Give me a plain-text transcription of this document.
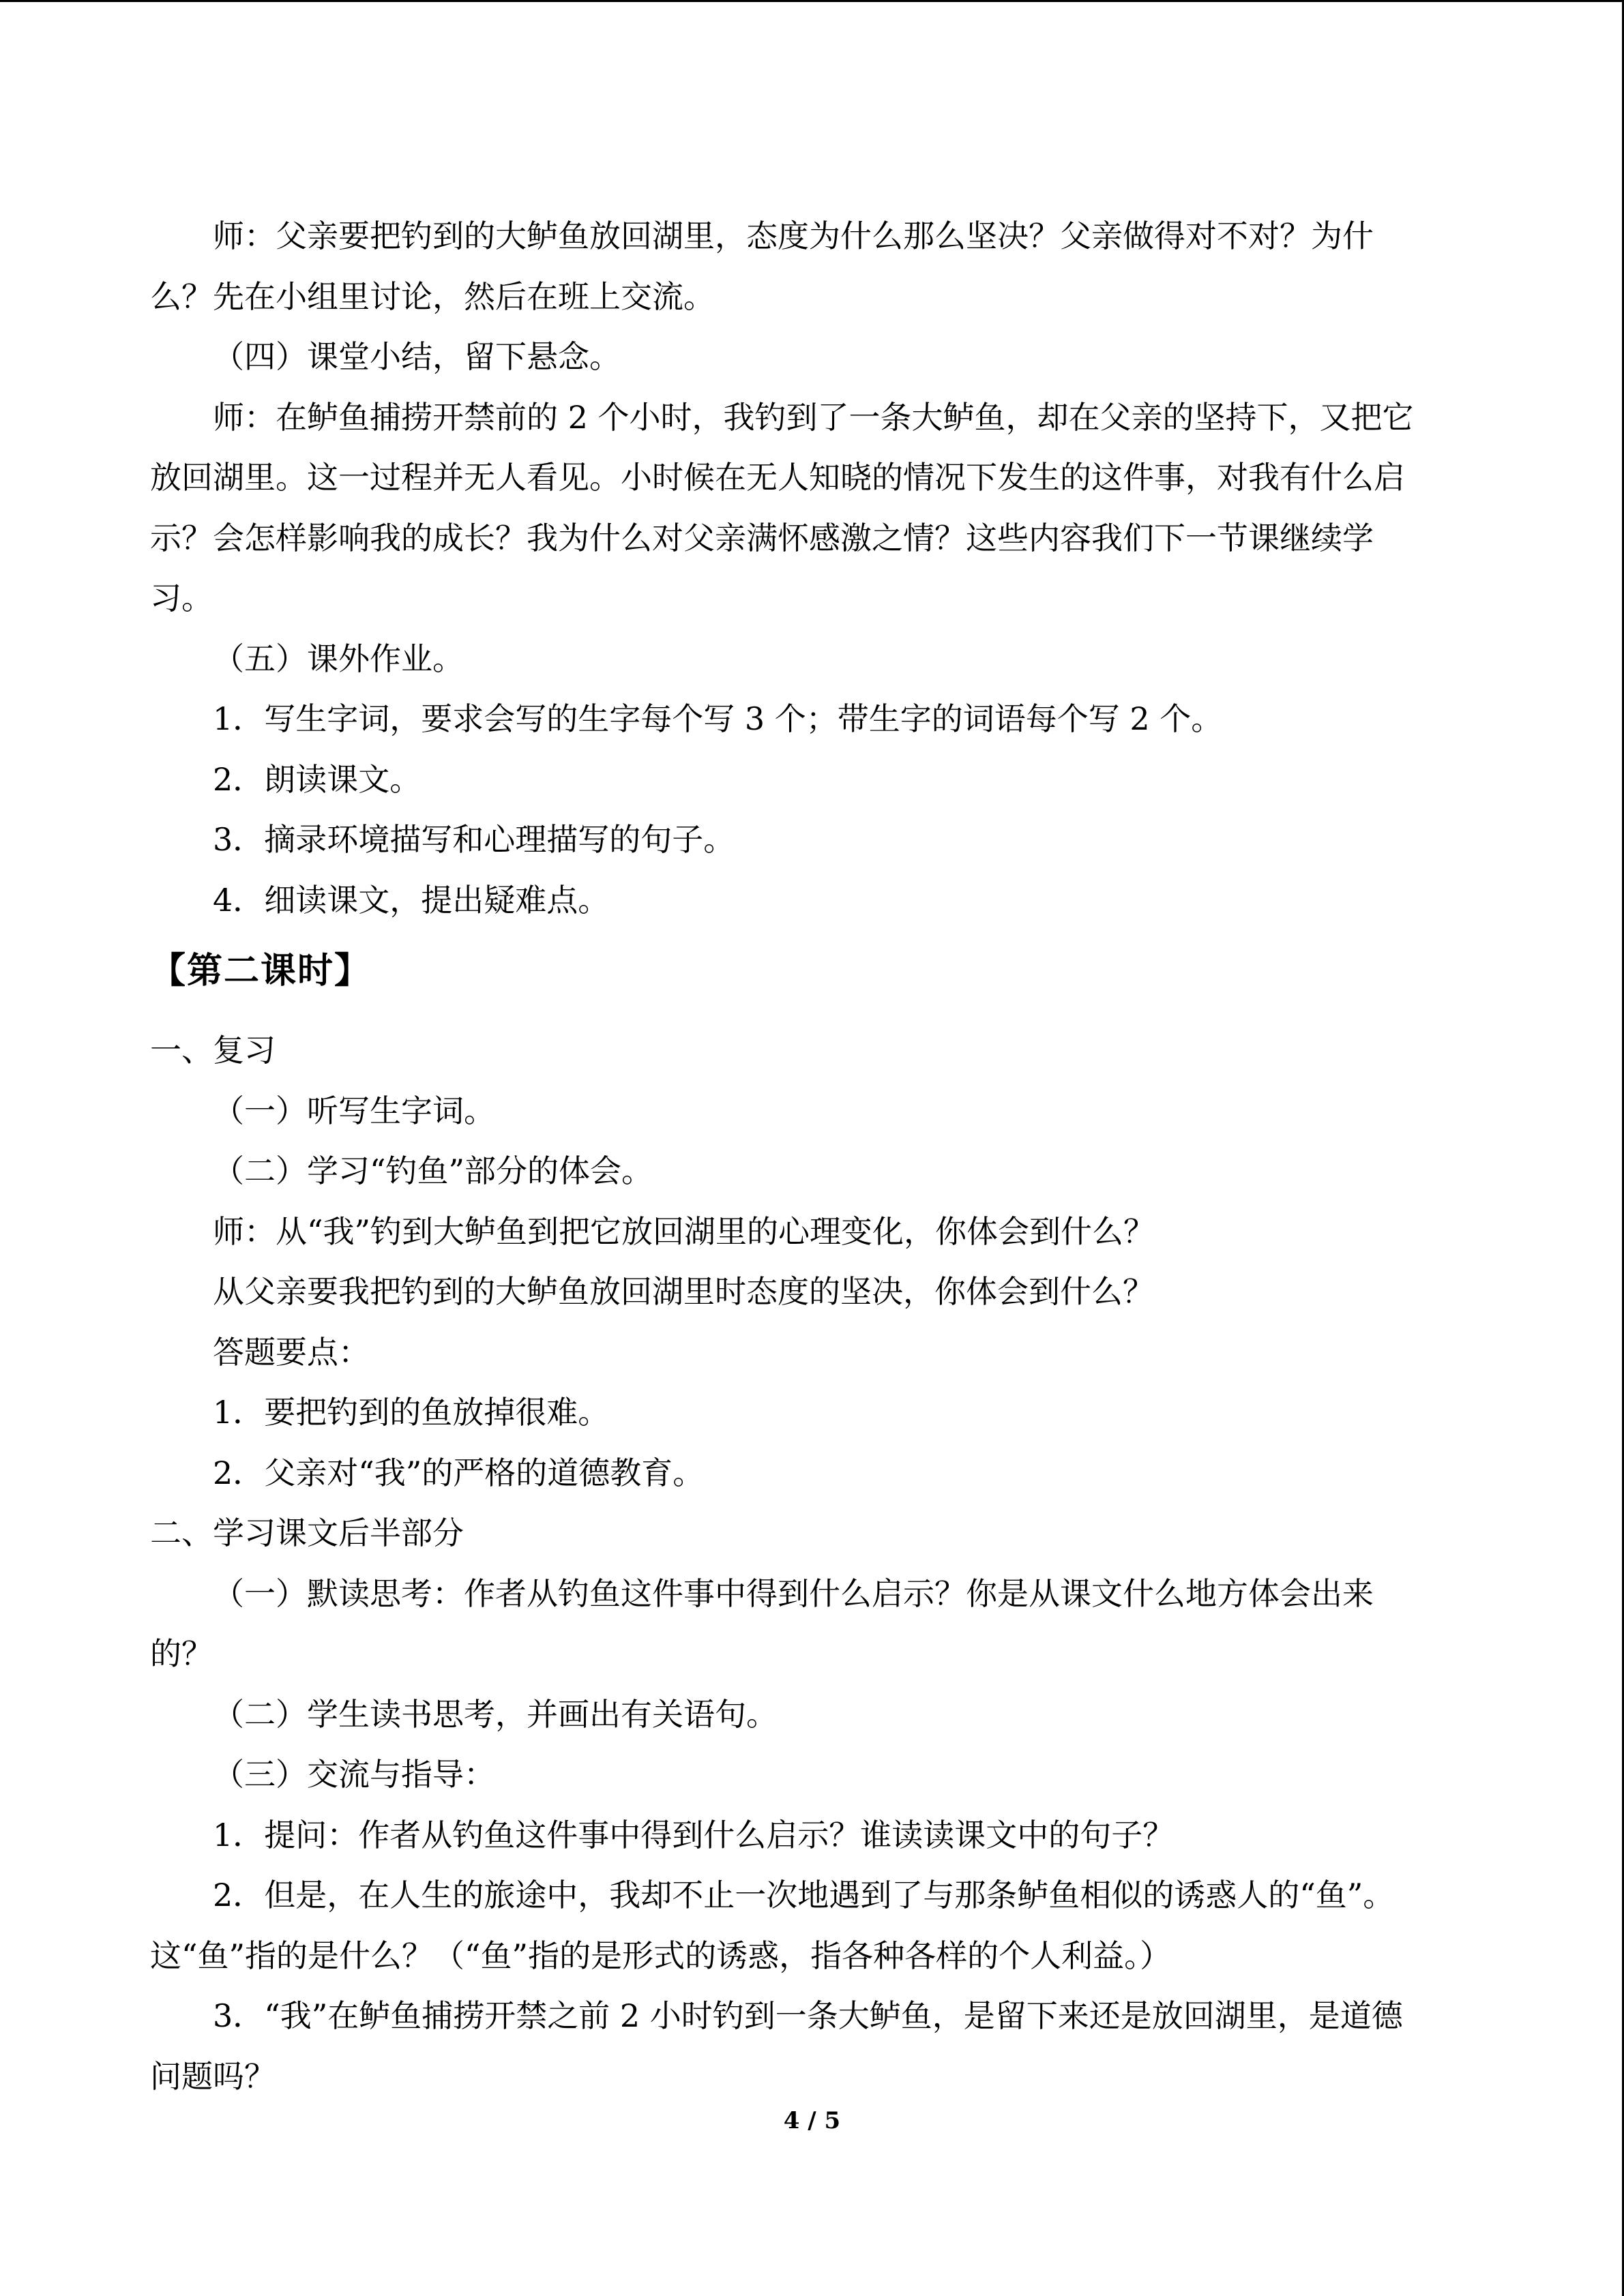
师：父亲要把钓到的大鲈鱼放回湖里，态度为什么那么坚决？父亲做得对不对？为什
么？先在小组里讨论，然后在班上交流。
（四）课堂小结，留下悬念。
师：在鲈鱼捕捞开禁前的 2 个小时，我钓到了一条大鲈鱼，却在父亲的坚持下，又把它
放回湖里。这一过程并无人看见。小时候在无人知晓的情况下发生的这件事，对我有什么启
示？会怎样影响我的成长？我为什么对父亲满怀感激之情？这些内容我们下一节课继续学
习。
（五）课外作业。
1．写生字词，要求会写的生字每个写 3 个；带生字的词语每个写 2 个。
2．朗读课文。
3．摘录环境描写和心理描写的句子。
4．细读课文，提出疑难点。
【第二课时】
一、复习
（一）听写生字词。
（二）学习“钓鱼”部分的体会。
师：从“我”钓到大鲈鱼到把它放回湖里的心理变化，你体会到什么？
从父亲要我把钓到的大鲈鱼放回湖里时态度的坚决，你体会到什么？
答题要点：
1．要把钓到的鱼放掉很难。
2．父亲对“我”的严格的道德教育。
二、学习课文后半部分
（一）默读思考：作者从钓鱼这件事中得到什么启示？你是从课文什么地方体会出来
的？
（二）学生读书思考，并画出有关语句。
（三）交流与指导：
1．提问：作者从钓鱼这件事中得到什么启示？谁读读课文中的句子？
2．但是，在人生的旅途中，我却不止一次地遇到了与那条鲈鱼相似的诱惑人的“鱼”。
这“鱼”指的是什么？（“鱼”指的是形式的诱惑，指各种各样的个人利益。）
3．“我”在鲈鱼捕捞开禁之前 2 小时钓到一条大鲈鱼，是留下来还是放回湖里，是道德
问题吗？
4 / 5
